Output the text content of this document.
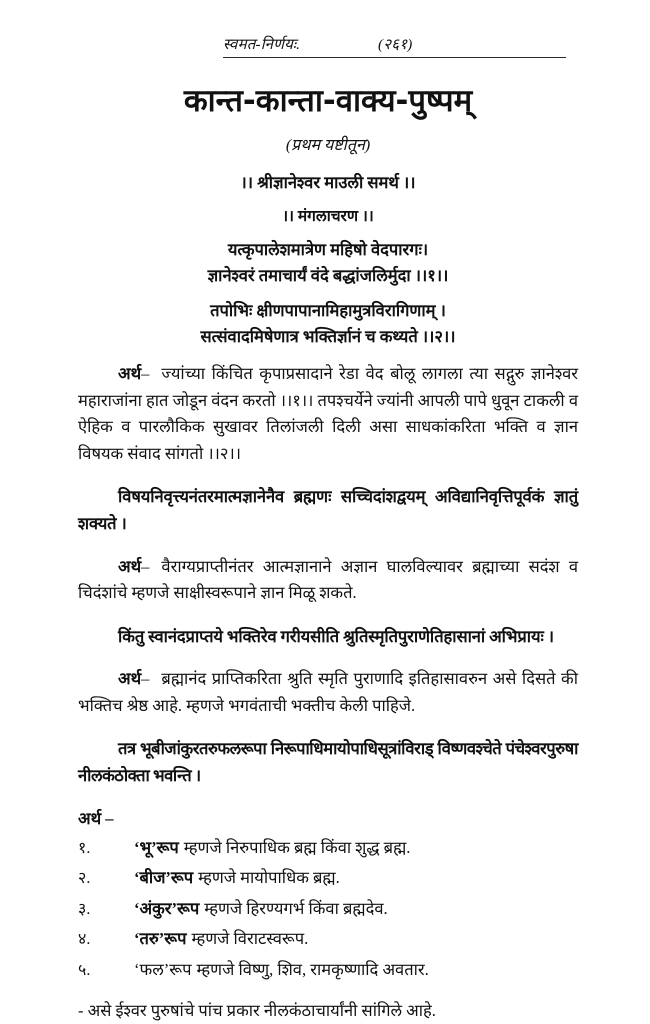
स्वमत-निर्णयः.	(२६१)
कान्त-कान्ता-वाक्य-पुष्पम्
(प्रथम यष्टीतून)
।। श्रीज्ञानेश्वर माउली समर्थ ।।
।। मंगलाचरण ।।
यत्कृपालेशमात्रेण महिषो वेदपारगः।
ज्ञानेश्वरं तमाचार्यं वंदे बद्धांजलिर्मुदा ।।१।।
तपोभिः क्षीणपापानामिहामुत्रविरागिणाम् ।
सत्संवादमिषेणात्र भक्तिर्ज्ञानं च कथ्यते ।।२।।

अर्थ– ज्यांच्या किंचित कृपाप्रसादाने रेडा वेद बोलू लागला त्या सद्गुरु ज्ञानेश्वर महाराजांना हात जोडून वंदन करतो ।।१।। तपश्चर्येने ज्यांनी आपली पापे धुवून टाकली व ऐहिक व पारलौकिक सुखावर तिलांजली दिली असा साधकांकरिता भक्ति व ज्ञान विषयक संवाद सांगतो ।।२।।

विषयनिवृत्त्यनंतरमात्मज्ञानेनैव ब्रह्मणः सच्चिदांशद्वयम् अविद्यानिवृत्तिपूर्वकं ज्ञातुं शक्यते ।

अर्थ– वैराग्यप्राप्तीनंतर आत्मज्ञानाने अज्ञान घालविल्यावर ब्रह्माच्या सदंश व चिदंशांचे म्हणजे साक्षीस्वरूपाने ज्ञान मिळू शकते.

किंतु स्वानंदप्राप्तये भक्तिरेव गरीयसीति श्रुतिस्मृतिपुराणेतिहासानां अभिप्रायः ।

अर्थ– ब्रह्मानंद प्राप्तिकरिता श्रुति स्मृति पुराणादि इतिहासावरुन असे दिसते की भक्तिच श्रेष्ठ आहे. म्हणजे भगवंताची भक्तीच केली पाहिजे.

तत्र भूबीजांकुरतरुफलरूपा निरूपाधिमायोपाधिसूत्रांविराड् विष्णवश्चेते पंचेश्वरपुरुषा नीलकंठोक्ता भवन्ति ।

अर्थ –
१.	‘भू’रूप म्हणजे निरुपाधिक ब्रह्म किंवा शुद्ध ब्रह्म.
२.	‘बीज’रूप म्हणजे मायोपाधिक ब्रह्म.
३.	‘अंकुर’रूप म्हणजे हिरण्यगर्भ किंवा ब्रह्मदेव.
४.	‘तरु’रूप म्हणजे विराटस्वरूप.
५.	‘फल’रूप म्हणजे विष्णु, शिव, रामकृष्णादि अवतार.
- असे ईश्वर पुरुषांचे पांच प्रकार नीलकंठाचार्यांनी सांगिले आहे.
